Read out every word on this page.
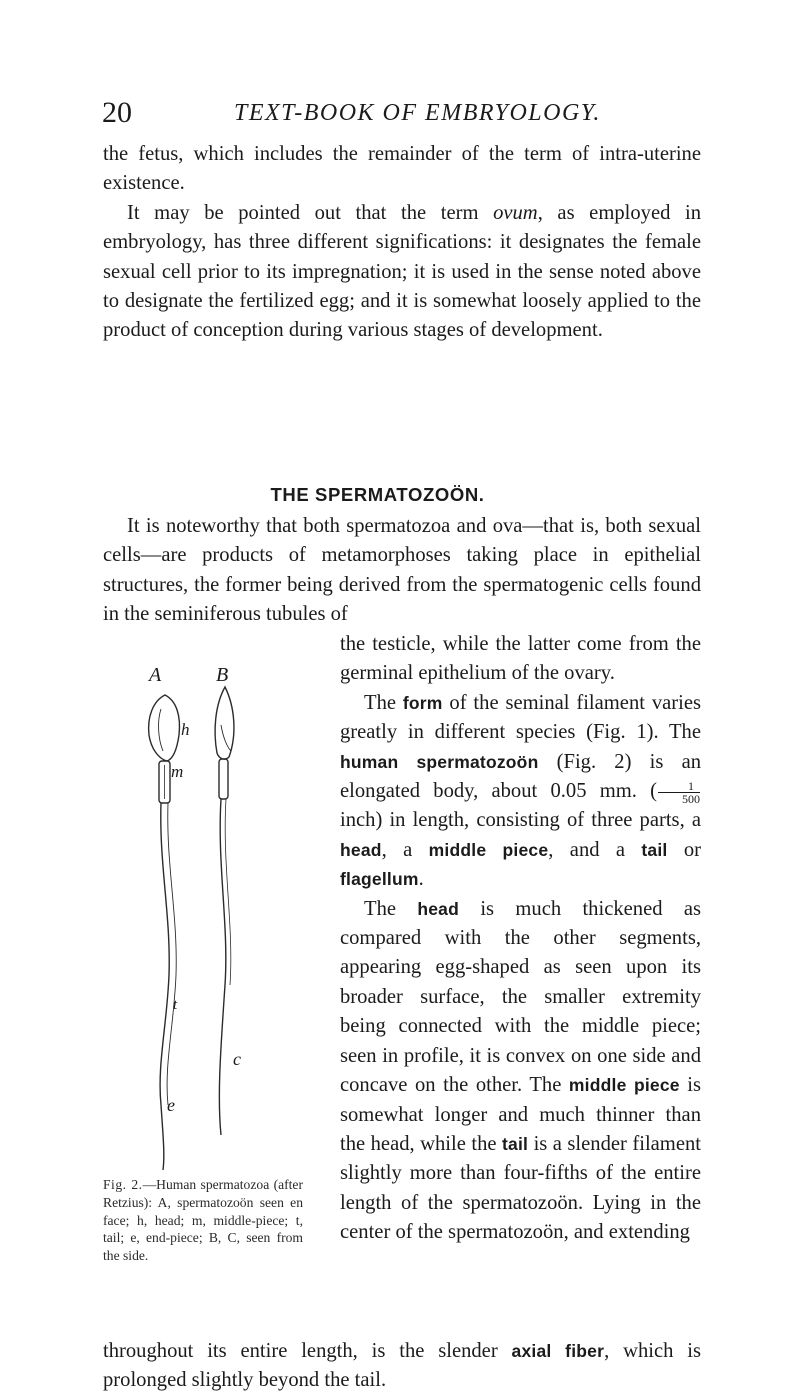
20	TEXT-BOOK OF EMBRYOLOGY.

the fetus, which includes the remainder of the term of intra-uterine existence.

It may be pointed out that the term ovum, as employed in embryology, has three different significations: it designates the female sexual cell prior to its impregnation; it is used in the sense noted above to designate the fertilized egg; and it is somewhat loosely applied to the product of conception during various stages of development.

THE SPERMATOZOÖN.

It is noteworthy that both spermatozoa and ova—that is, both sexual cells—are products of metamorphoses taking place in epithelial structures, the former being derived from the spermatogenic cells found in the seminiferous tubules of

A	B
h
m
t
c
e
Fig. 2.—Human spermatozoa (after Retzius): A, spermatozoön seen en face; h, head; m, middle-piece; t, tail; e, end-piece; B, C, seen from the side.

the testicle, while the latter come from the germinal epithelium of the ovary.

The form of the seminal filament varies greatly in different species (Fig. 1). The human spermatozoön (Fig. 2) is an elongated body, about 0.05 mm. ( $\frac{1}{500}$
inch) in length, consisting of three parts, a head, a middle piece, and a tail or flagellum.

The head is much thickened as compared with the other segments, appearing egg-shaped as seen upon its broader surface, the smaller extremity being connected with the middle piece; seen in profile, it is convex on one side and concave on the other. The middle piece is somewhat longer and much thinner than the head, while the tail is a slender filament slightly more than four-fifths of the entire length of the spermatozoön. Lying in the center of the spermatozoön, and extending

throughout its entire length, is the slender axial fiber, which is prolonged slightly beyond the tail.
